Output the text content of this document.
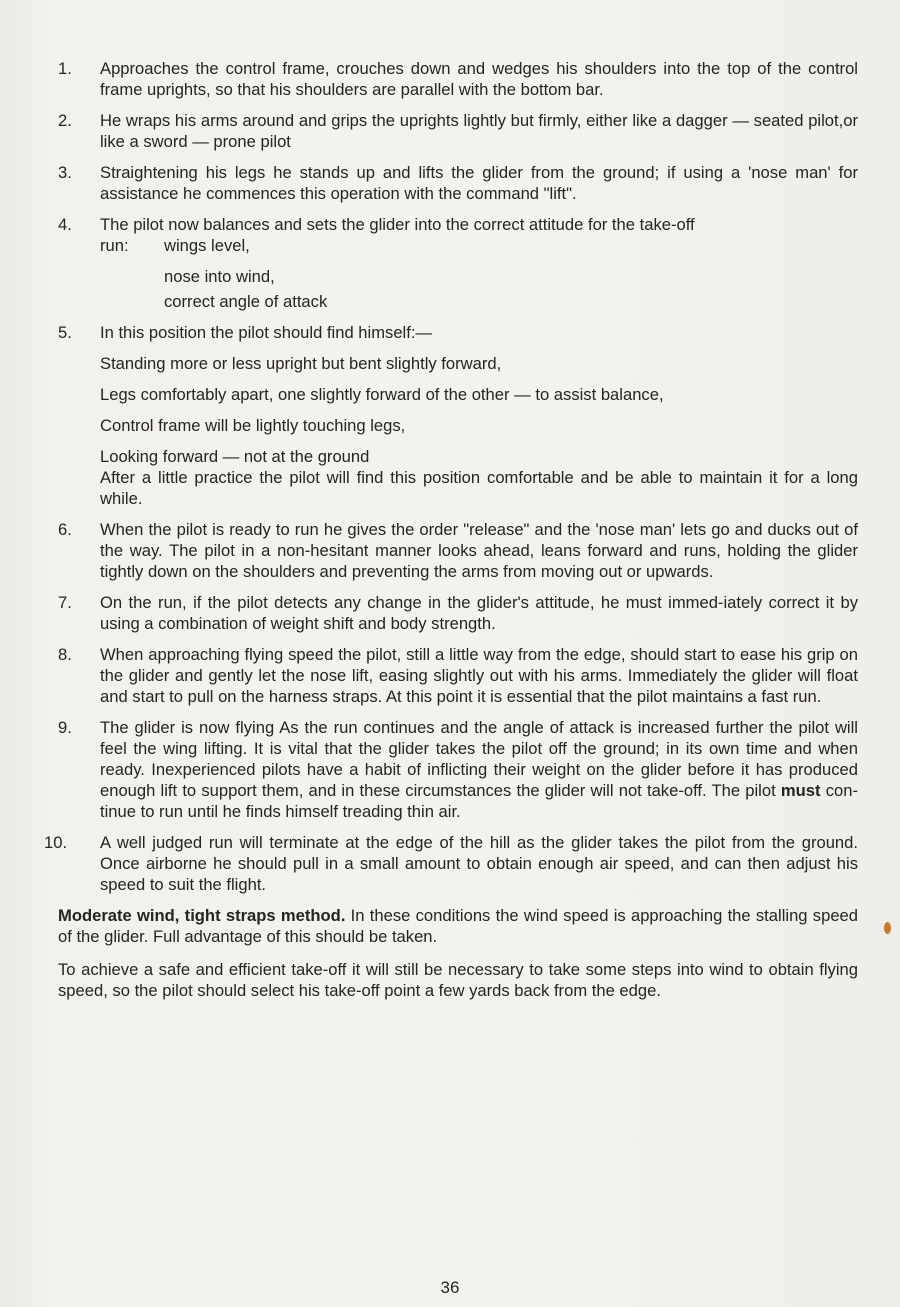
1.	Approaches the control frame, crouches down and wedges his shoulders into the top of the control frame uprights, so that his shoulders are parallel with the bottom bar.

2.	He wraps his arms around and grips the uprights lightly but firmly, either like a dagger — seated pilot,or like a sword — prone pilot

3.	Straightening his legs he stands up and lifts the glider from the ground; if using a 'nose man' for assistance he commences this operation with the command "lift".

4.	The pilot now balances and sets the glider into the correct attitude for the take-off

run:	wings level,
nose into wind,
correct angle of attack
5.	In this position the pilot should find himself:—

Standing more or less upright but bent slightly forward,
Legs comfortably apart, one slightly forward of the other — to assist balance,
Control frame will be lightly touching legs,
Looking forward — not at the ground

After a little practice the pilot will find this position comfortable and be able to maintain it for a long while.

6.	When the pilot is ready to run he gives the order "release" and the 'nose man' lets go and ducks out of the way. The pilot in a non-hesitant manner looks ahead, leans forward and runs, holding the glider tightly down on the shoulders and preventing the arms from moving out or upwards.

7.	On the run, if the pilot detects any change in the glider's attitude, he must immed-iately correct it by using a combination of weight shift and body strength.

8.	When approaching flying speed the pilot, still a little way from the edge, should start to ease his grip on the glider and gently let the nose lift, easing slightly out with his arms. Immediately the glider will float and start to pull on the harness straps. At this point it is essential that the pilot maintains a fast run.

9.	The glider is now flying As the run continues and the angle of attack is increased further the pilot will feel the wing lifting. It is vital that the glider takes the pilot off the ground; in its own time and when ready. Inexperienced pilots have a habit of inflicting their weight on the glider before it has produced enough lift to support them, and in these circumstances the glider will not take-off. The pilot must con-tinue to run until he finds himself treading thin air.

10.	A well judged run will terminate at the edge of the hill as the glider takes the pilot from the ground. Once airborne he should pull in a small amount to obtain enough air speed, and can then adjust his speed to suit the flight.

Moderate wind, tight straps method. In these conditions the wind speed is approaching the stalling speed of the glider. Full advantage of this should be taken.

To achieve a safe and efficient take-off it will still be necessary to take some steps into wind to obtain flying speed, so the pilot should select his take-off point a few yards back from the edge.

36
